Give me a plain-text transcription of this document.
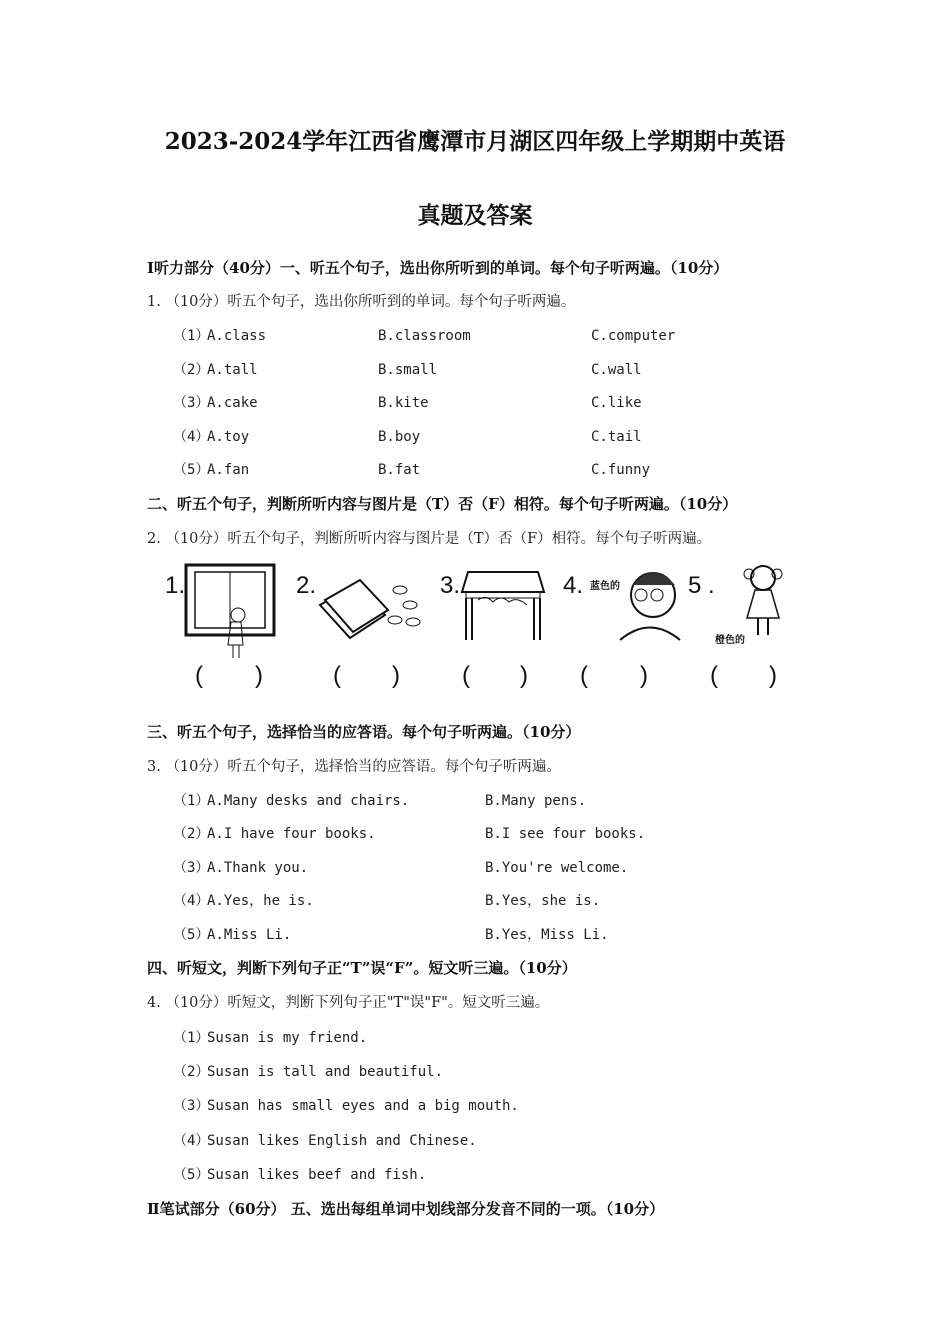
2023-2024学年江西省鹰潭市月湖区四年级上学期期中英语
真题及答案
Ⅰ听力部分（40分）一、听五个句子，选出你所听到的单词。每个句子听两遍。（10分）
1. （10分）听五个句子，选出你所听到的单词。每个句子听两遍。
（1）
A.class	B.classroom	C.computer
（2）
A.tall	B.small	C.wall
（3）
A.cake	B.kite	C.like
（4）
A.toy	B.boy	C.tail
（5）
A.fan	B.fat	C.funny
二、听五个句子，判断所听内容与图片是（T）否（F）相符。每个句子听两遍。（10分）
2. （10分）听五个句子，判断所听内容与图片是（T）否（F）相符。每个句子听两遍。
1.	2.	3.	4. 蓝色的	5 .
橙色的
( )	( )	( ) ( )	( )
三、听五个句子，选择恰当的应答语。每个句子听两遍。（10分）
3. （10分）听五个句子，选择恰当的应答语。每个句子听两遍。
（1）
A.Many desks and chairs.	B.Many pens.
（2）
A.I have four books.	B.I see four books.
（3）
A.Thank you.	B.You're welcome.
（4）
A.Yes，he is.	B.Yes，she is.
（5）
A.Miss Li.	B.Yes，Miss Li.
四、听短文，判断下列句子正“T”误“F”。短文听三遍。（10分）
4. （10分）听短文，判断下列句子正"T"误"F"。短文听三遍。
（1）
Susan is my friend.
（2）
Susan is tall and beautiful.
（3）
Susan has small eyes and a big mouth.
（4）
Susan likes English and Chinese.
（5）
Susan likes beef and fish.
Ⅱ笔试部分（60分） 五、选出每组单词中划线部分发音不同的一项。（10分）
